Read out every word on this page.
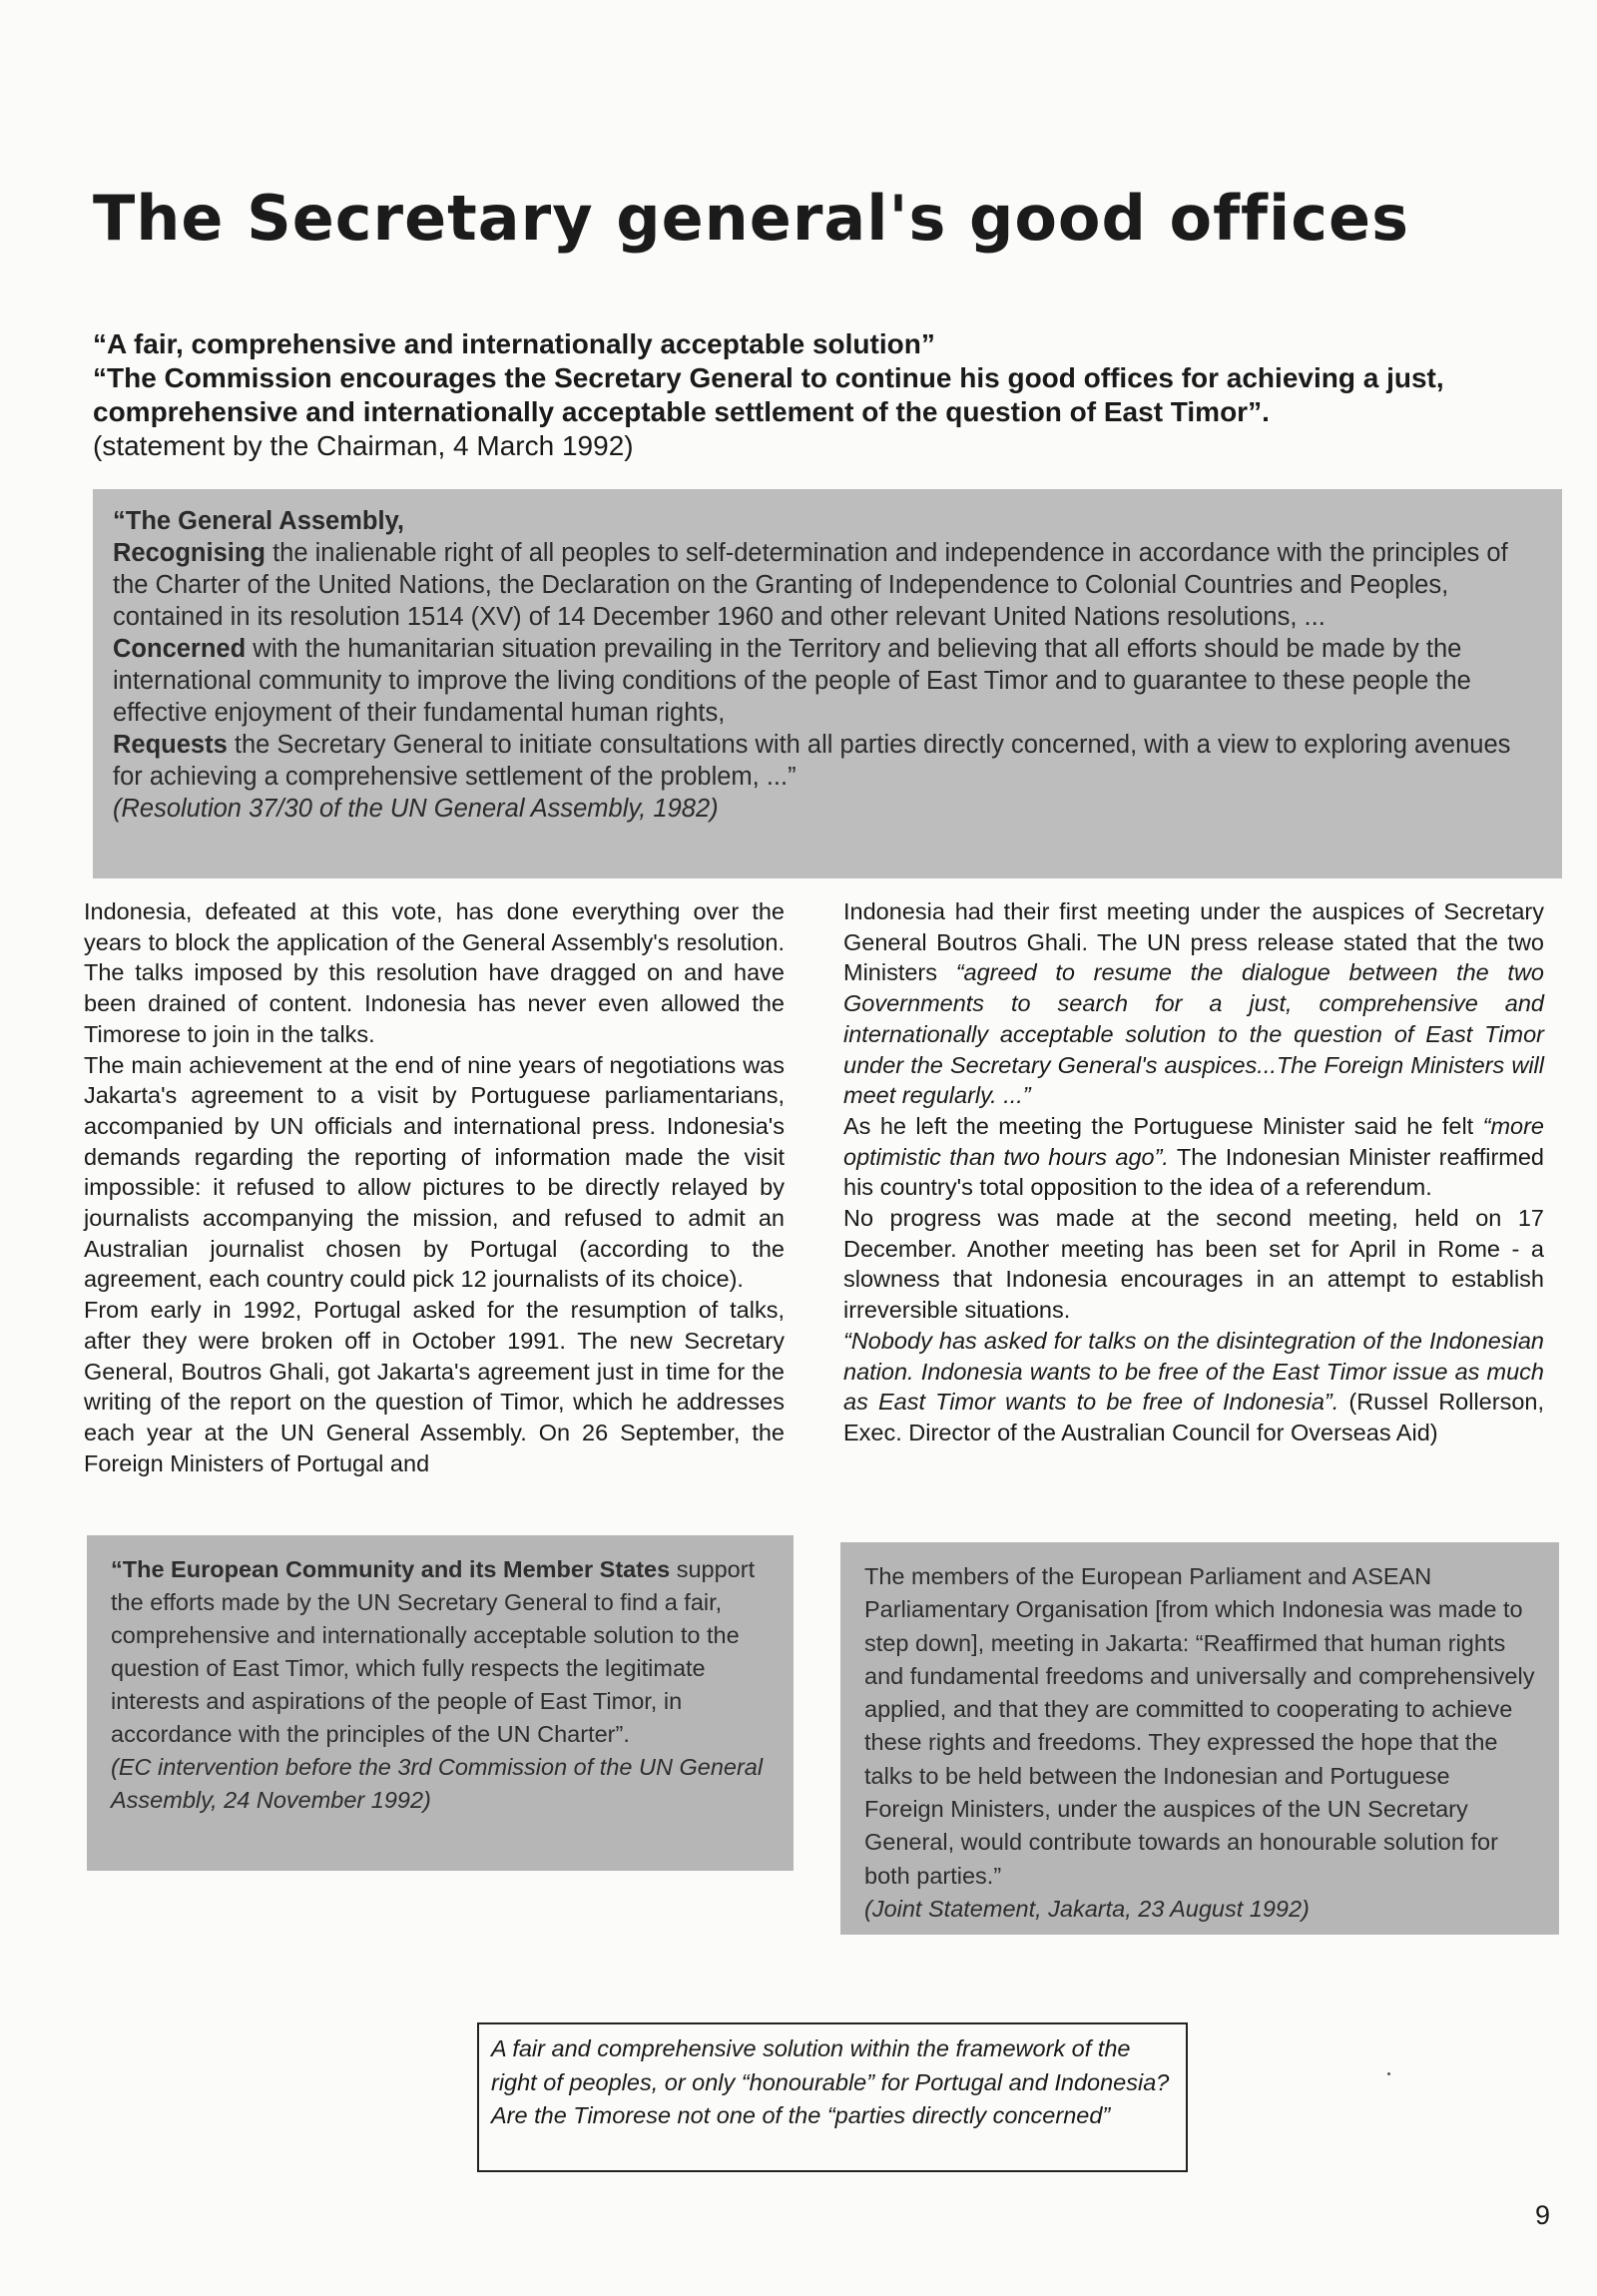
The Secretary general's good offices
“A fair, comprehensive and internationally acceptable solution”
“The Commission encourages the Secretary General to continue his good offices for achieving a just, comprehensive and internationally acceptable settlement of the question of East Timor”.
(statement by the Chairman, 4 March 1992)
“The General Assembly,
Recognising the inalienable right of all peoples to self-determination and independence in accordance with the principles of the Charter of the United Nations, the Declaration on the Granting of Independence to Colonial Countries and Peoples, contained in its resolution 1514 (XV) of 14 December 1960 and other relevant United Nations resolutions, ...
Concerned with the humanitarian situation prevailing in the Territory and believing that all efforts should be made by the international community to improve the living conditions of the people of East Timor and to guarantee to these people the effective enjoyment of their fundamental human rights,
Requests the Secretary General to initiate consultations with all parties directly concerned, with a view to exploring avenues for achieving a comprehensive settlement of the problem, ...”
(Resolution 37/30 of the UN General Assembly, 1982)

Indonesia, defeated at this vote, has done everything over the years to block the application of the General Assembly's resolution. The talks imposed by this resolution have dragged on and have been drained of content. Indonesia has never even allowed the Timorese to join in the talks.

The main achievement at the end of nine years of negotiations was Jakarta's agreement to a visit by Portuguese parliamentarians, accompanied by UN officials and international press. Indonesia's demands regarding the reporting of information made the visit impossible: it refused to allow pictures to be directly relayed by journalists accompanying the mission, and refused to admit an Australian journalist chosen by Portugal (according to the agreement, each country could pick 12 journalists of its choice).

From early in 1992, Portugal asked for the resumption of talks, after they were broken off in October 1991. The new Secretary General, Boutros Ghali, got Jakarta's agreement just in time for the writing of the report on the question of Timor, which he addresses each year at the UN General Assembly. On 26 September, the Foreign Ministers of Portugal and

Indonesia had their first meeting under the auspices of Secretary General Boutros Ghali. The UN press release stated that the two Ministers “agreed to resume the dialogue between the two Governments to search for a just, comprehensive and internationally acceptable solution to the question of East Timor under the Secretary General's auspices...The Foreign Ministers will meet regularly. ...”

As he left the meeting the Portuguese Minister said he felt “more optimistic than two hours ago”. The Indonesian Minister reaffirmed his country's total opposition to the idea of a referendum.

No progress was made at the second meeting, held on 17 December. Another meeting has been set for April in Rome - a slowness that Indonesia encourages in an attempt to establish irreversible situations.

“Nobody has asked for talks on the disintegration of the Indonesian nation. Indonesia wants to be free of the East Timor issue as much as East Timor wants to be free of Indonesia”. (Russel Rollerson, Exec. Director of the Australian Council for Overseas Aid)

“The European Community and its Member States support the efforts made by the UN Secretary General to find a fair, comprehensive and internationally acceptable solution to the question of East Timor, which fully respects the legitimate interests and aspirations of the people of East Timor, in accordance with the principles of the UN Charter”.
(EC intervention before the 3rd Commission of the UN General Assembly, 24 November 1992)
The members of the European Parliament and ASEAN Parliamentary Organisation [from which Indonesia was made to step down], meeting in Jakarta: “Reaffirmed that human rights and fundamental freedoms and universally and comprehensively applied, and that they are committed to cooperating to achieve these rights and freedoms. They expressed the hope that the talks to be held between the Indonesian and Portuguese Foreign Ministers, under the auspices of the UN Secretary General, would contribute towards an honourable solution for both parties.”
(Joint Statement, Jakarta, 23 August 1992)
A fair and comprehensive solution within the framework of the right of peoples, or only “honourable” for Portugal and Indonesia? Are the Timorese not one of the “parties directly concerned”
9
